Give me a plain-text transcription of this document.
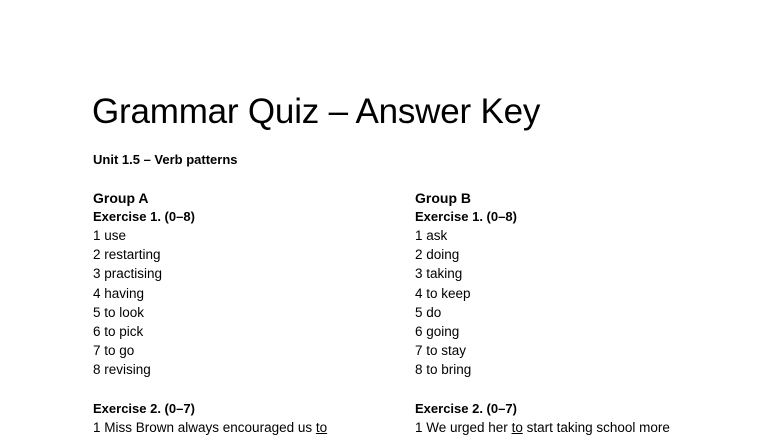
Grammar Quiz – Answer Key
Unit 1.5 – Verb patterns
Group A
Exercise 1. (0–8)
1 use
2 restarting
3 practising
4 having
5 to look
6 to pick
7 to go
8 revising
Exercise 2. (0–7)
1 Miss Brown always encouraged us to
Group B
Exercise 1. (0–8)
1 ask
2 doing
3 taking
4 to keep
5 do
6 going
7 to stay
8 to bring
Exercise 2. (0–7)
1 We urged her to start taking school more
